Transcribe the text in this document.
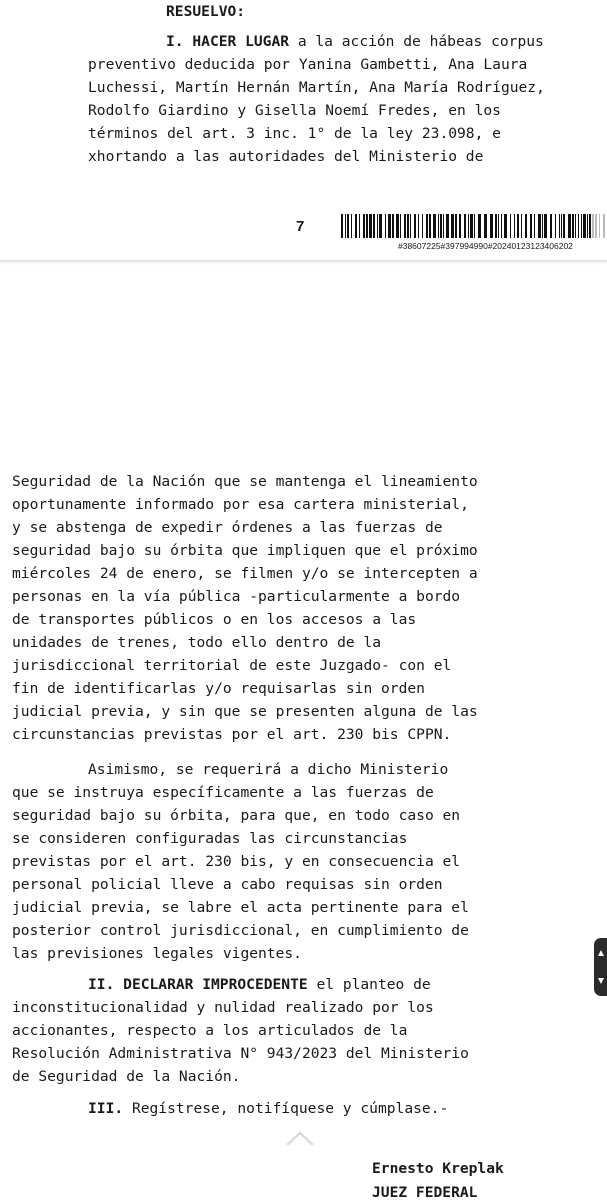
RESUELVO:
I. HACER LUGAR a la acción de hábeas corpus
preventivo deducida por Yanina Gambetti, Ana Laura
Luchessi, Martín Hernán Martín, Ana María Rodríguez,
Rodolfo Giardino y Gisella Noemí Fredes, en los
términos del art. 3 inc. 1° de la ley 23.098, e
xhortando a las autoridades del Ministerio de
7
#38607225#397994990#20240123123406202
Seguridad de la Nación que se mantenga el lineamiento
oportunamente informado por esa cartera ministerial,
y se abstenga de expedir órdenes a las fuerzas de
seguridad bajo su órbita que impliquen que el próximo
miércoles 24 de enero, se filmen y/o se intercepten a
personas en la vía pública -particularmente a bordo
de transportes públicos o en los accesos a las
unidades de trenes, todo ello dentro de la
jurisdiccional territorial de este Juzgado- con el
fin de identificarlas y/o requisarlas sin orden
judicial previa, y sin que se presenten alguna de las
circunstancias previstas por el art. 230 bis CPPN.
Asimismo, se requerirá a dicho Ministerio
que se instruya específicamente a las fuerzas de
seguridad bajo su órbita, para que, en todo caso en
se consideren configuradas las circunstancias
previstas por el art. 230 bis, y en consecuencia el
personal policial lleve a cabo requisas sin orden
judicial previa, se labre el acta pertinente para el
posterior control jurisdiccional, en cumplimiento de
las previsiones legales vigentes.
II. DECLARAR IMPROCEDENTE el planteo de
inconstitucionalidad y nulidad realizado por los
accionantes, respecto a los articulados de la
Resolución Administrativa N° 943/2023 del Ministerio
de Seguridad de la Nación.
III. Regístrese, notifíquese y cúmplase.-
Ernesto Kreplak
JUEZ FEDERAL
